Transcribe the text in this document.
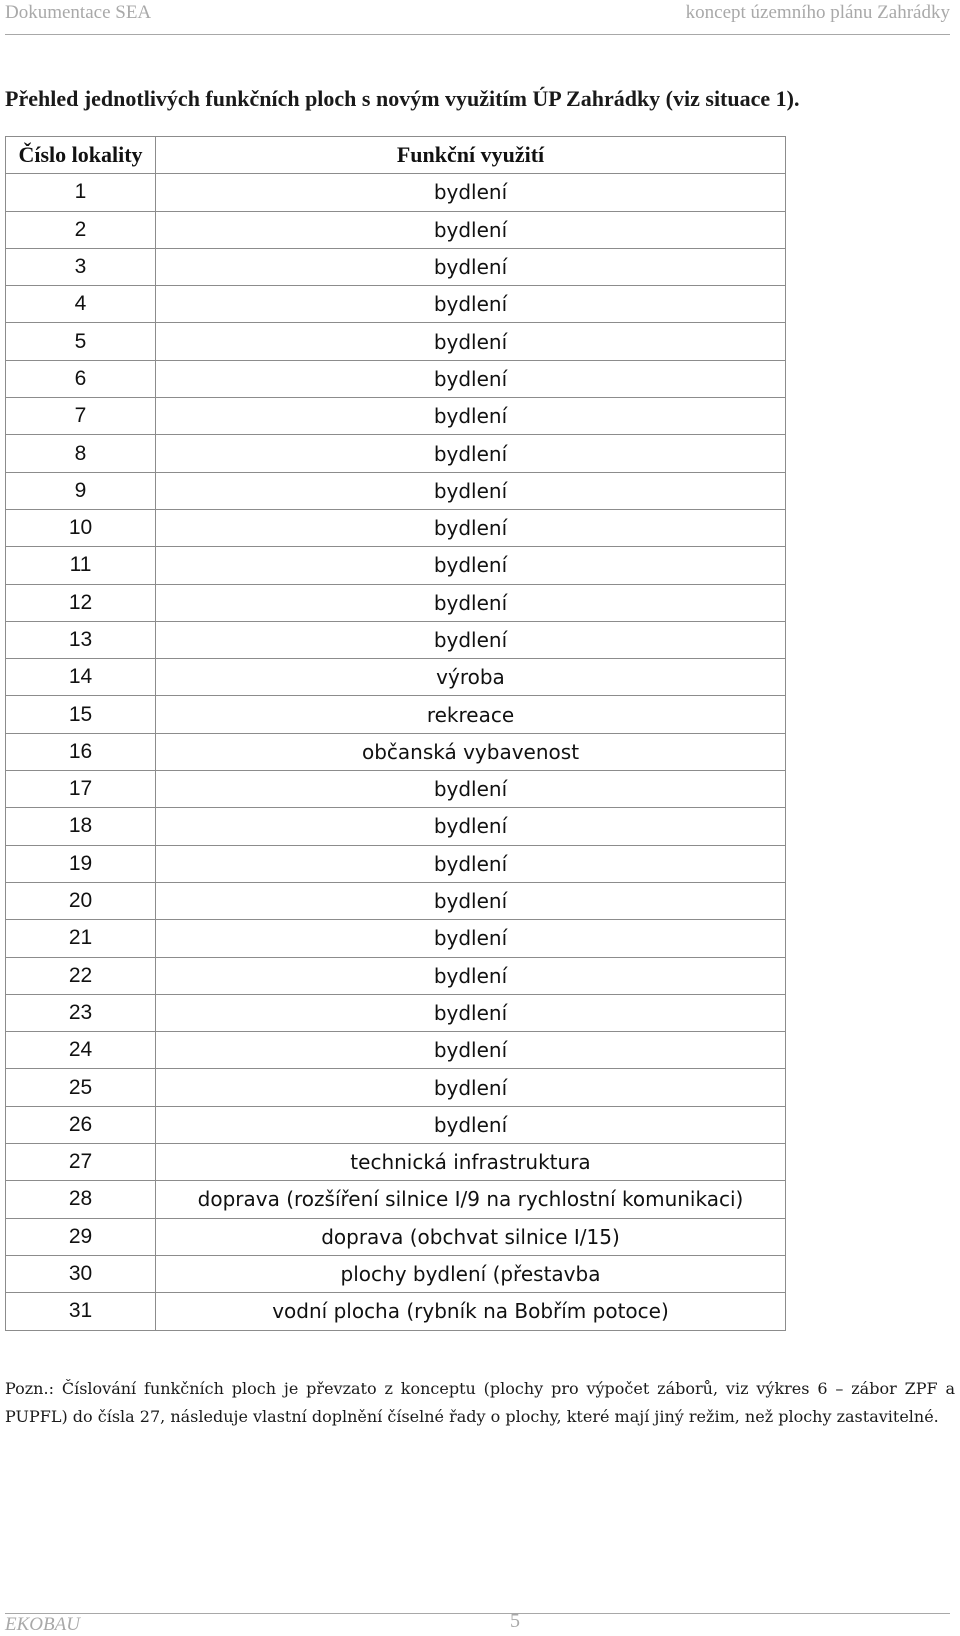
Dokumentace SEA	koncept územního plánu Zahrádky
Přehled jednotlivých funkčních ploch s novým využitím ÚP Zahrádky (viz situace 1).
Číslo lokality	Funkční využití
1	bydlení
2	bydlení
3	bydlení
4	bydlení
5	bydlení
6	bydlení
7	bydlení
8	bydlení
9	bydlení
10	bydlení
11	bydlení
12	bydlení
13	bydlení
14	výroba
15	rekreace
16	občanská vybavenost
17	bydlení
18	bydlení
19	bydlení
20	bydlení
21	bydlení
22	bydlení
23	bydlení
24	bydlení
25	bydlení
26	bydlení
27	technická infrastruktura
28	doprava (rozšíření silnice I/9 na rychlostní komunikaci)
29	doprava (obchvat silnice I/15)
30	plochy bydlení (přestavba
31	vodní plocha (rybník na Bobřím potoce)
Pozn.: Číslování funkčních ploch je převzato z konceptu (plochy pro výpočet záborů, viz výkres 6 – zábor ZPF a PUPFL) do čísla 27, následuje vlastní doplnění číselné řady o plochy, které mají jiný režim, než plochy zastavitelné.
EKOBAU	5
